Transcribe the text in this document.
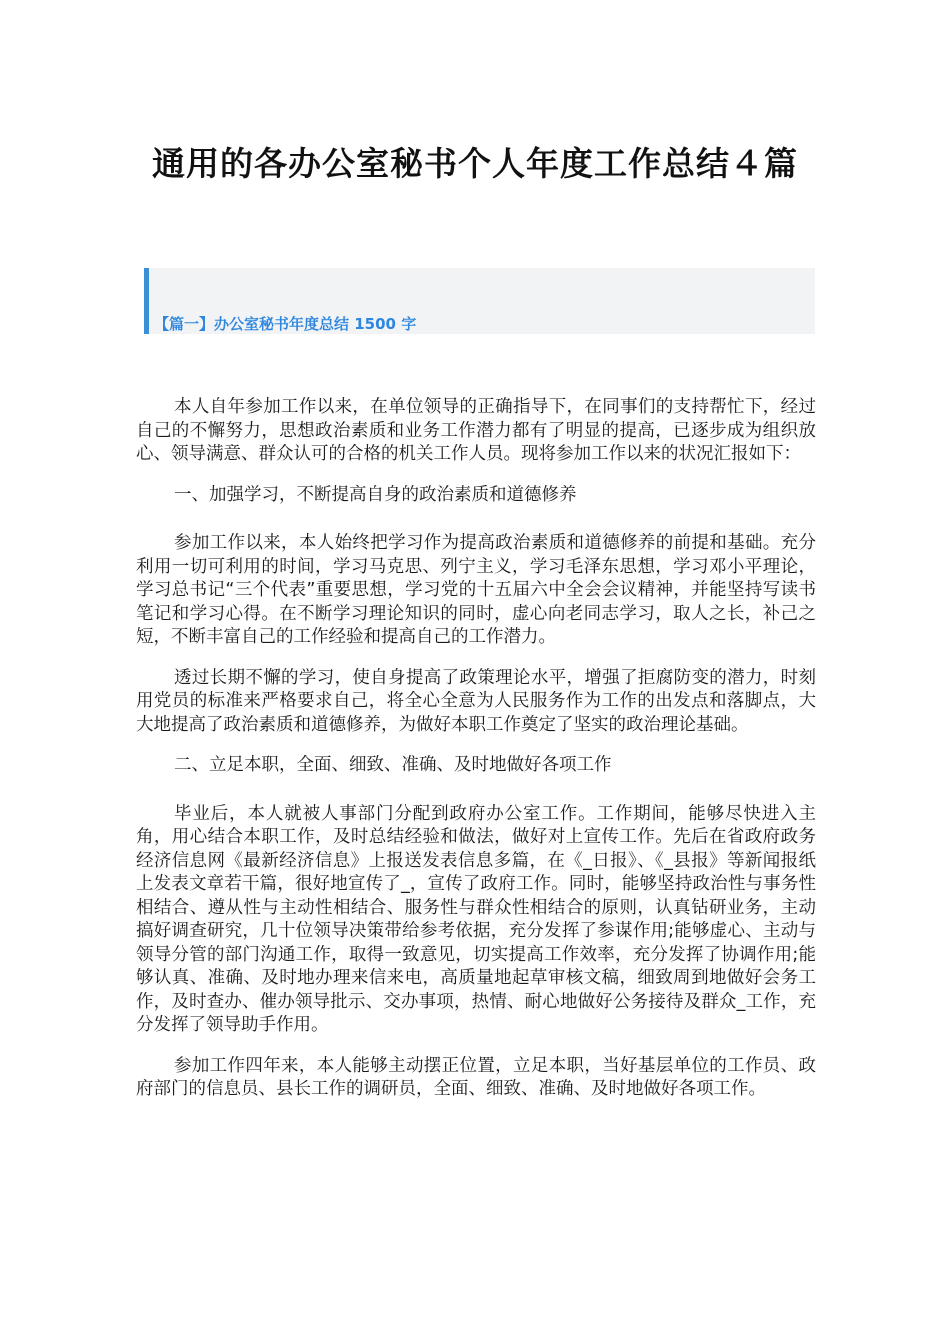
通用的各办公室秘书个人年度工作总结４篇
【篇一】办公室秘书年度总结 1500 字

本人自年参加工作以来，在单位领导的正确指导下，在同事们的支持帮忙下，经过自己的不懈努力，思想政治素质和业务工作潜力都有了明显的提高，已逐步成为组织放心、领导满意、群众认可的合格的机关工作人员。现将参加工作以来的状况汇报如下：

一、加强学习，不断提高自身的政治素质和道德修养

参加工作以来，本人始终把学习作为提高政治素质和道德修养的前提和基础。充分利用一切可利用的时间，学习马克思、列宁主义，学习毛泽东思想，学习邓小平理论，学习总书记“三个代表”重要思想，学习党的十五届六中全会会议精神，并能坚持写读书笔记和学习心得。在不断学习理论知识的同时，虚心向老同志学习，取人之长，补己之短，不断丰富自己的工作经验和提高自己的工作潜力。

透过长期不懈的学习，使自身提高了政策理论水平，增强了拒腐防变的潜力，时刻用党员的标准来严格要求自己，将全心全意为人民服务作为工作的出发点和落脚点，大大地提高了政治素质和道德修养，为做好本职工作奠定了坚实的政治理论基础。

二、立足本职，全面、细致、准确、及时地做好各项工作

毕业后，本人就被人事部门分配到政府办公室工作。工作期间，能够尽快进入主角，用心结合本职工作，及时总结经验和做法，做好对上宣传工作。先后在省政府政务经济信息网《最新经济信息》上报送发表信息多篇，在《_日报》、《_县报》等新闻报纸上发表文章若干篇，很好地宣传了_，宣传了政府工作。同时，能够坚持政治性与事务性相结合、遵从性与主动性相结合、服务性与群众性相结合的原则，认真钻研业务，主动搞好调查研究，几十位领导决策带给参考依据，充分发挥了参谋作用;能够虚心、主动与领导分管的部门沟通工作，取得一致意见，切实提高工作效率，充分发挥了协调作用;能够认真、准确、及时地办理来信来电，高质量地起草审核文稿，细致周到地做好会务工作，及时查办、催办领导批示、交办事项，热情、耐心地做好公务接待及群众_工作，充分发挥了领导助手作用。

参加工作四年来，本人能够主动摆正位置，立足本职，当好基层单位的工作员、政府部门的信息员、县长工作的调研员，全面、细致、准确、及时地做好各项工作。
